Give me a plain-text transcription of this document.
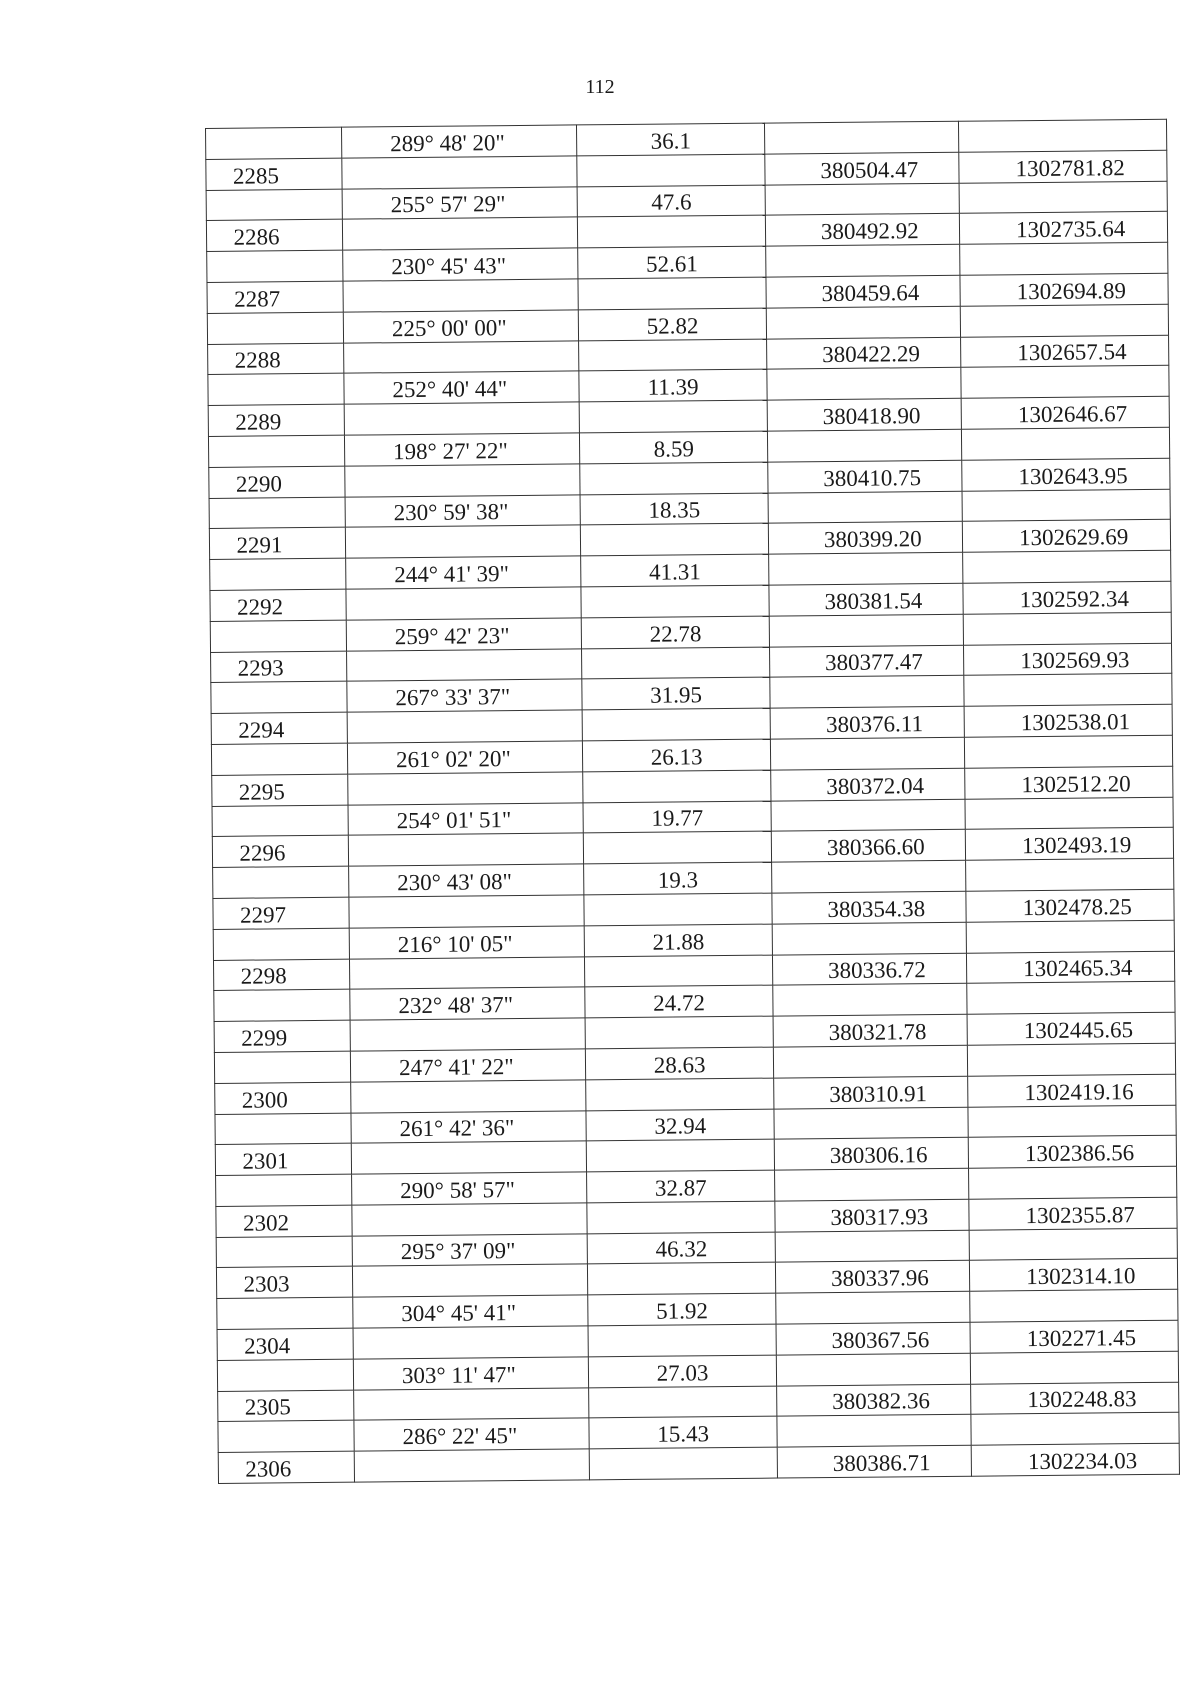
112
	289° 48' 20"	36.1		
2285			380504.47	1302781.82
	255° 57' 29"	47.6		
2286			380492.92	1302735.64
	230° 45' 43"	52.61		
2287			380459.64	1302694.89
	225° 00' 00"	52.82		
2288			380422.29	1302657.54
	252° 40' 44"	11.39		
2289			380418.90	1302646.67
	198° 27' 22"	8.59		
2290			380410.75	1302643.95
	230° 59' 38"	18.35		
2291			380399.20	1302629.69
	244° 41' 39"	41.31		
2292			380381.54	1302592.34
	259° 42' 23"	22.78		
2293			380377.47	1302569.93
	267° 33' 37"	31.95		
2294			380376.11	1302538.01
	261° 02' 20"	26.13		
2295			380372.04	1302512.20
	254° 01' 51"	19.77		
2296			380366.60	1302493.19
	230° 43' 08"	19.3		
2297			380354.38	1302478.25
	216° 10' 05"	21.88		
2298			380336.72	1302465.34
	232° 48' 37"	24.72		
2299			380321.78	1302445.65
	247° 41' 22"	28.63		
2300			380310.91	1302419.16
	261° 42' 36"	32.94		
2301			380306.16	1302386.56
	290° 58' 57"	32.87		
2302			380317.93	1302355.87
	295° 37' 09"	46.32		
2303			380337.96	1302314.10
	304° 45' 41"	51.92		
2304			380367.56	1302271.45
	303° 11' 47"	27.03		
2305			380382.36	1302248.83
	286° 22' 45"	15.43		
2306			380386.71	1302234.03
